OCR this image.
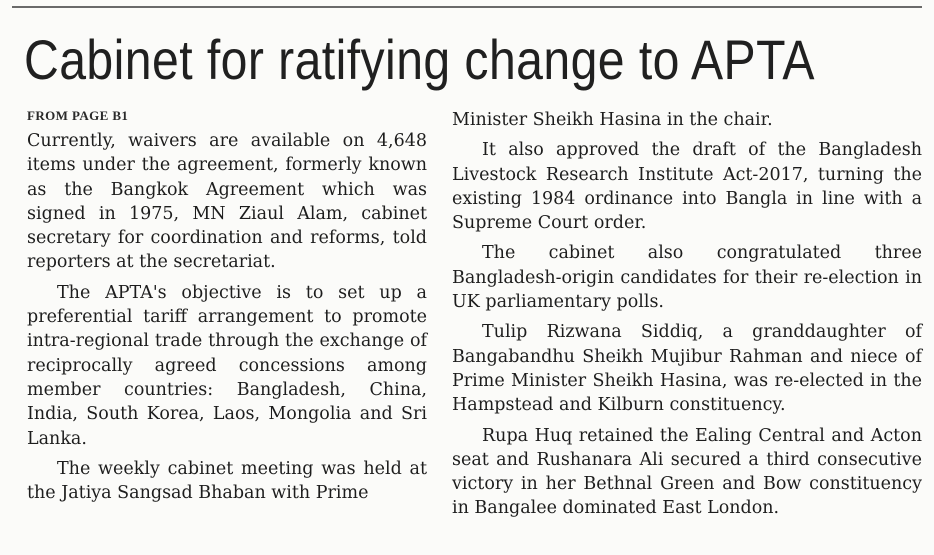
Cabinet for ratifying change to APTA
FROM PAGE B1

Currently, waivers are available on 4,648 items under the agreement, formerly known as the Bangkok Agreement which was signed in 1975, MN Ziaul Alam, cabinet secretary for coordination and reforms, told reporters at the secretariat.

The APTA's objective is to set up a preferential tariff arrangement to promote intra-regional trade through the exchange of reciprocally agreed concessions among member countries: Bangladesh, China, India, South Korea, Laos, Mongolia and Sri Lanka.

The weekly cabinet meeting was held at the Jatiya Sangsad Bhaban with Prime

Minister Sheikh Hasina in the chair.

It also approved the draft of the Bangladesh Livestock Research Institute Act-2017, turning the existing 1984 ordinance into Bangla in line with a Supreme Court order.

The cabinet also congratulated three Bangladesh-origin candidates for their re-election in UK parliamentary polls.

Tulip Rizwana Siddiq, a granddaughter of Bangabandhu Sheikh Mujibur Rahman and niece of Prime Minister Sheikh Hasina, was re-elected in the Hampstead and Kilburn constituency.

Rupa Huq retained the Ealing Central and Acton seat and Rushanara Ali secured a third consecutive victory in her Bethnal Green and Bow constituency in Bangalee dominated East London.
